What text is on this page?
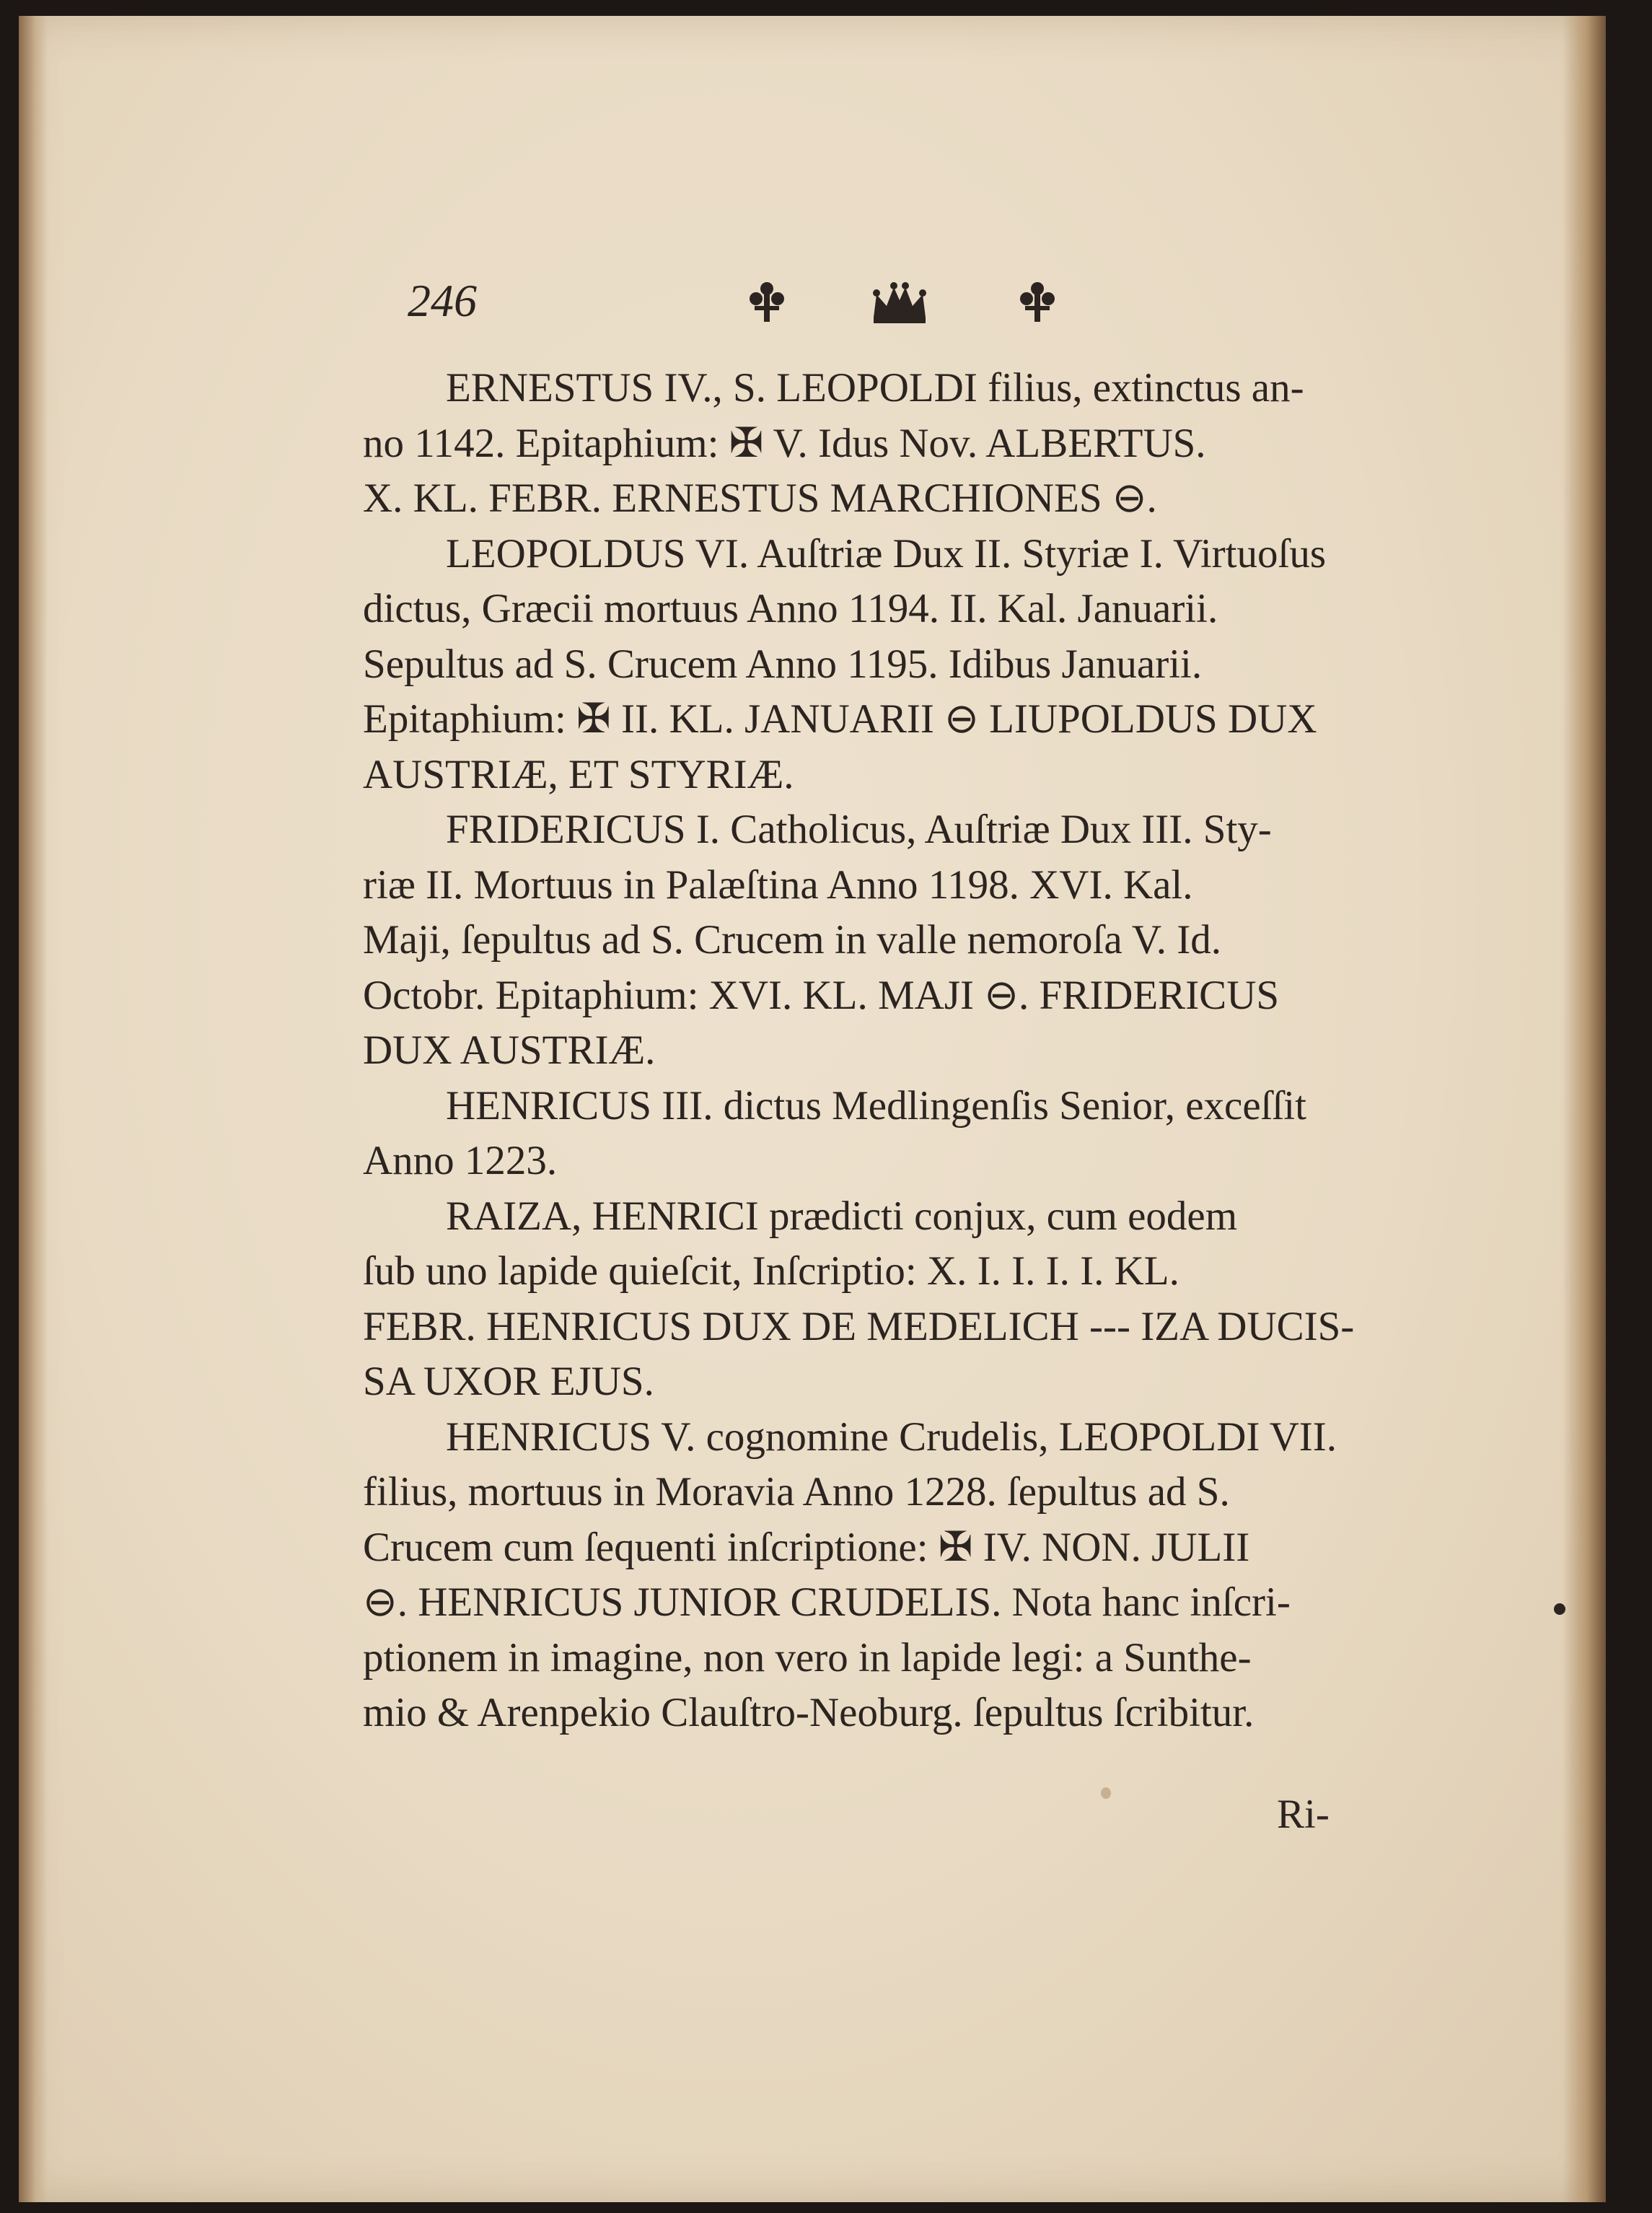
246

ERNESTUS IV., S. LEOPOLDI filius, extinctus an-
no 1142. Epitaphium: ✠ V. Idus Nov. ALBERTUS.
X. KL. FEBR. ERNESTUS MARCHIONES ⊖.

LEOPOLDUS VI. Auſtriæ Dux II. Styriæ I. Virtuoſus
dictus, Græcii mortuus Anno 1194. II. Kal. Januarii.
Sepultus ad S. Crucem Anno 1195. Idibus Januarii.
Epitaphium: ✠ II. KL. JANUARII ⊖ LIUPOLDUS DUX
AUSTRIÆ, ET STYRIÆ.

FRIDERICUS I. Catholicus, Auſtriæ Dux III. Sty-
riæ II. Mortuus in Palæſtina Anno 1198. XVI. Kal.
Maji, ſepultus ad S. Crucem in valle nemoroſa V. Id.
Octobr. Epitaphium: XVI. KL. MAJI ⊖. FRIDERICUS
DUX AUSTRIÆ.

HENRICUS III. dictus Medlingenſis Senior, exceſſit
Anno 1223.

RAIZA, HENRICI prædicti conjux, cum eodem
ſub uno lapide quieſcit, Inſcriptio: X. I. I. I. I. KL.
FEBR. HENRICUS DUX DE MEDELICH --- IZA DUCIS-
SA UXOR EJUS.

HENRICUS V. cognomine Crudelis, LEOPOLDI VII.
filius, mortuus in Moravia Anno 1228. ſepultus ad S.
Crucem cum ſequenti inſcriptione: ✠ IV. NON. JULII
⊖. HENRICUS JUNIOR CRUDELIS. Nota hanc inſcri-
ptionem in imagine, non vero in lapide legi: a Sunthe-
mio & Arenpekio Clauſtro-Neoburg. ſepultus ſcribitur.

Ri-
